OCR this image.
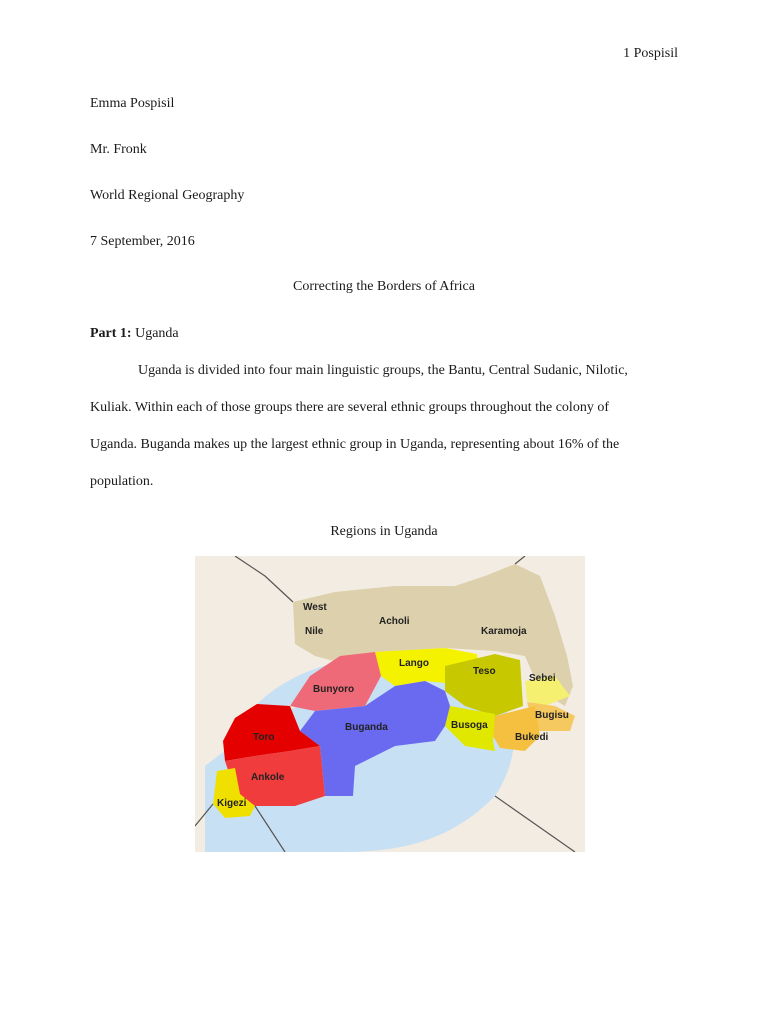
1 Pospisil
Emma Pospisil
Mr. Fronk
World Regional Geography
7 September, 2016
Correcting the Borders of Africa
Part 1: Uganda
Uganda is divided into four main linguistic groups, the Bantu, Central Sudanic, Nilotic,
Kuliak. Within each of those groups there are several ethnic groups throughout the colony of
Uganda. Buganda makes up the largest ethnic group in Uganda, representing about 16% of the
population.
Regions in Uganda
West
Nile
Acholi
Karamoja
Lango
Teso
Sebei
Bunyoro
Buganda
Bugisu
Busoga
Bukedi
Toro
Ankole
Kigezi
